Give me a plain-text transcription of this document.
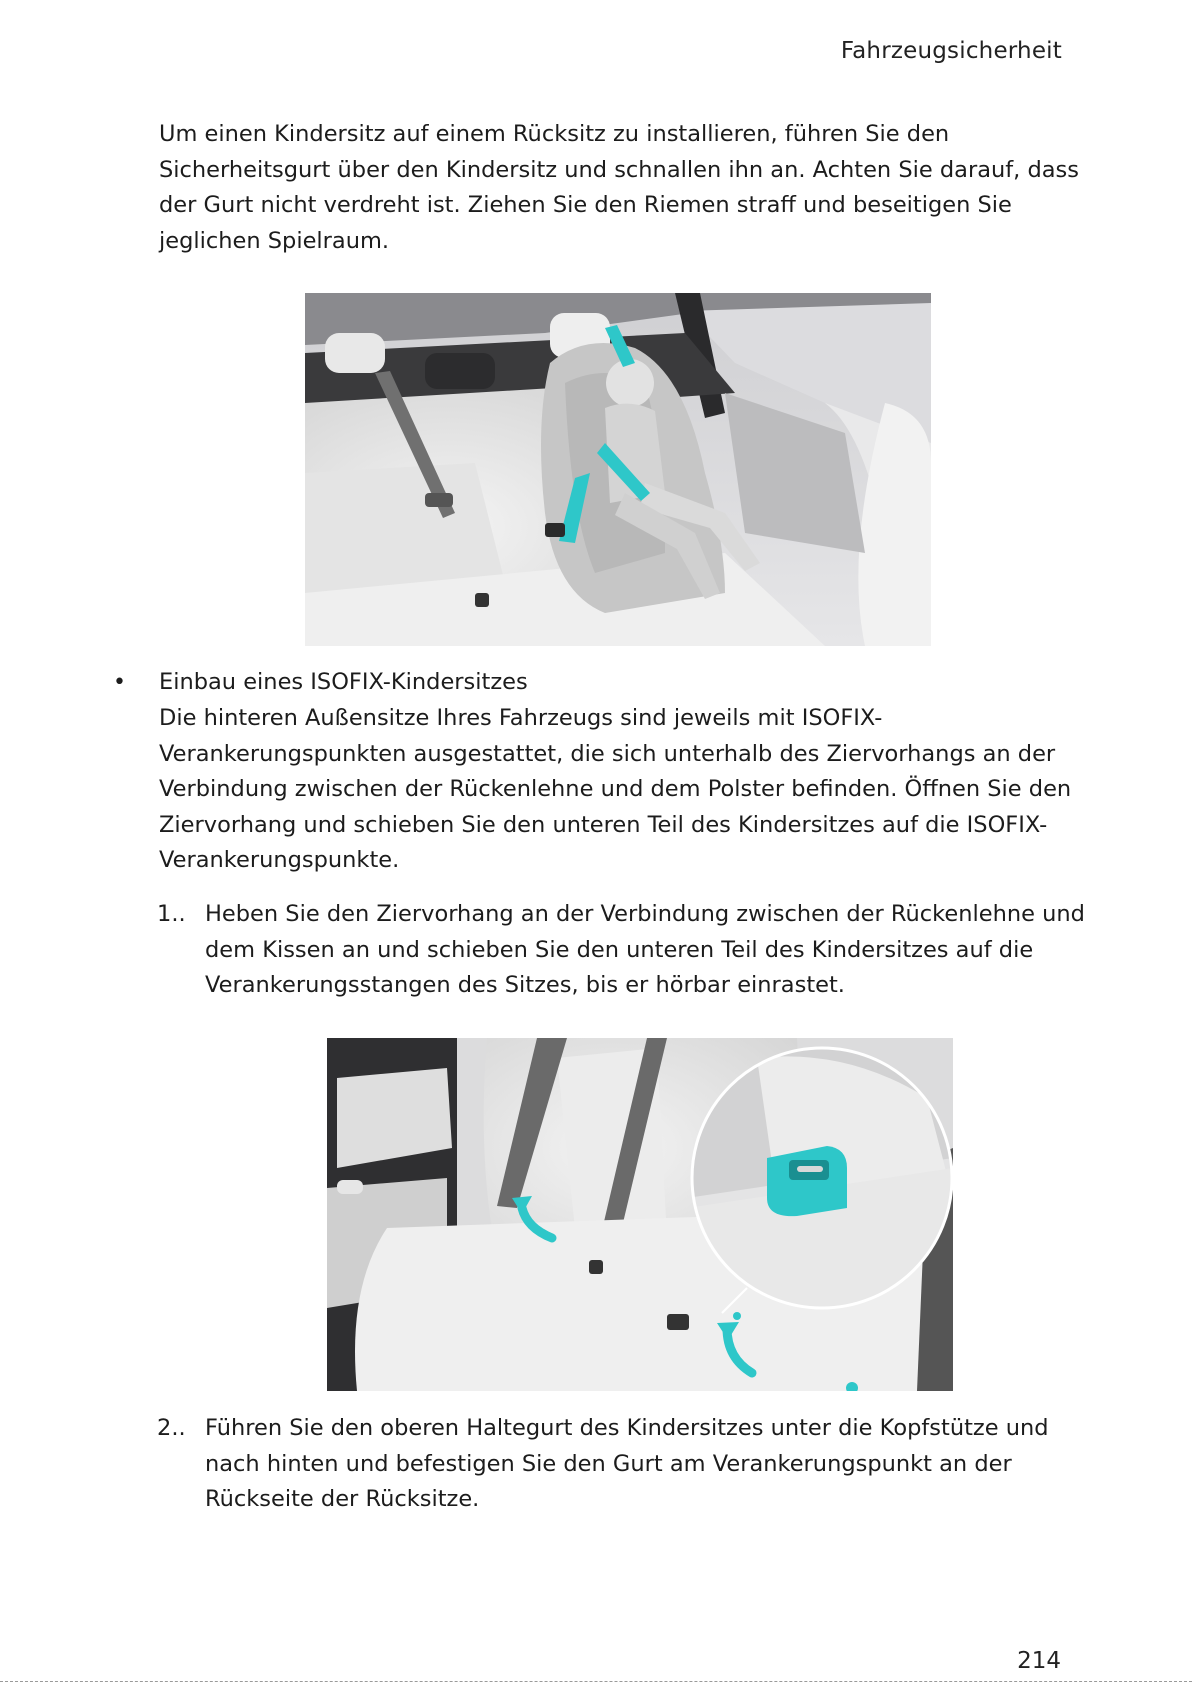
Fahrzeugsicherheit

Um einen Kindersitz auf einem Rücksitz zu installieren, führen Sie den Sicherheitsgurt über den Kindersitz und schnallen ihn an. Achten Sie darauf, dass der Gurt nicht verdreht ist. Ziehen Sie den Riemen straff und beseitigen Sie jeglichen Spielraum.

• Einbau eines ISOFIX-Kindersitzes

Die hinteren Außensitze Ihres Fahrzeugs sind jeweils mit ISOFIX-Verankerungspunkten ausgestattet, die sich unterhalb des Ziervorhangs an der Verbindung zwischen der Rückenlehne und dem Polster befinden. Öffnen Sie den Ziervorhang und schieben Sie den unteren Teil des Kindersitzes auf die ISOFIX-Verankerungspunkte.

1.. Heben Sie den Ziervorhang an der Verbindung zwischen der Rückenlehne und dem Kissen an und schieben Sie den unteren Teil des Kindersitzes auf die Verankerungsstangen des Sitzes, bis er hörbar einrastet.

2.. Führen Sie den oberen Haltegurt des Kindersitzes unter die Kopfstütze und nach hinten und befestigen Sie den Gurt am Verankerungspunkt an der Rückseite der Rücksitze.

214
